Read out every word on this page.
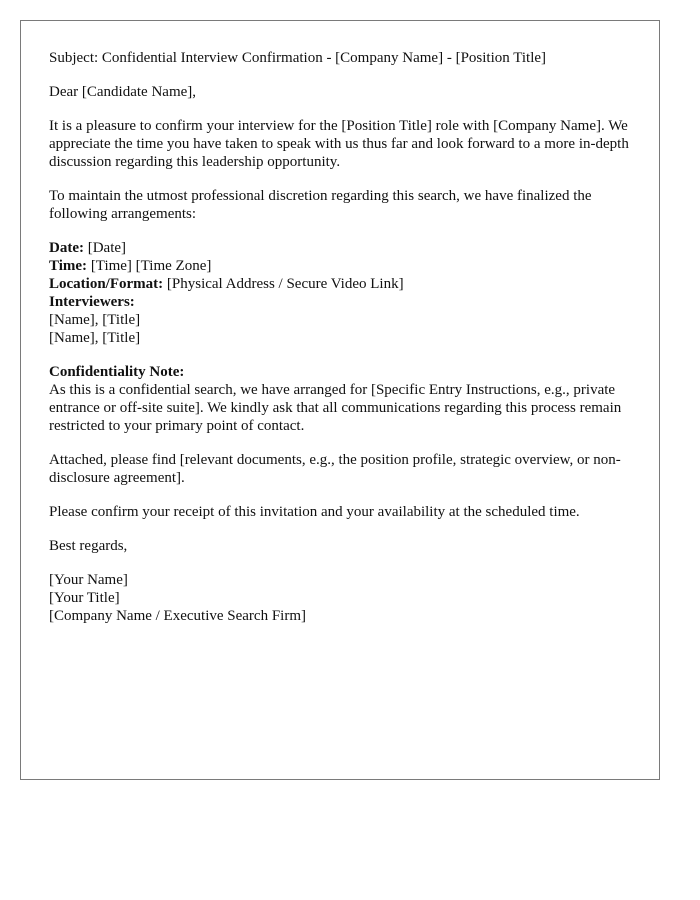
Subject: Confidential Interview Confirmation - [Company Name] - [Position Title]

Dear [Candidate Name],

It is a pleasure to confirm your interview for the [Position Title] role with [Company Name]. We appreciate the time you have taken to speak with us thus far and look forward to a more in-depth discussion regarding this leadership opportunity.

To maintain the utmost professional discretion regarding this search, we have finalized the following arrangements:

Date: [Date]
Time: [Time] [Time Zone]
Location/Format: [Physical Address / Secure Video Link]
Interviewers:
[Name], [Title]
[Name], [Title]
Confidentiality Note:
As this is a confidential search, we have arranged for [Specific Entry Instructions, e.g., private entrance or off-site suite]. We kindly ask that all communications regarding this process remain restricted to your primary point of contact.

Attached, please find [relevant documents, e.g., the position profile, strategic overview, or non-disclosure agreement].

Please confirm your receipt of this invitation and your availability at the scheduled time.

Best regards,

[Your Name]
[Your Title]
[Company Name / Executive Search Firm]
